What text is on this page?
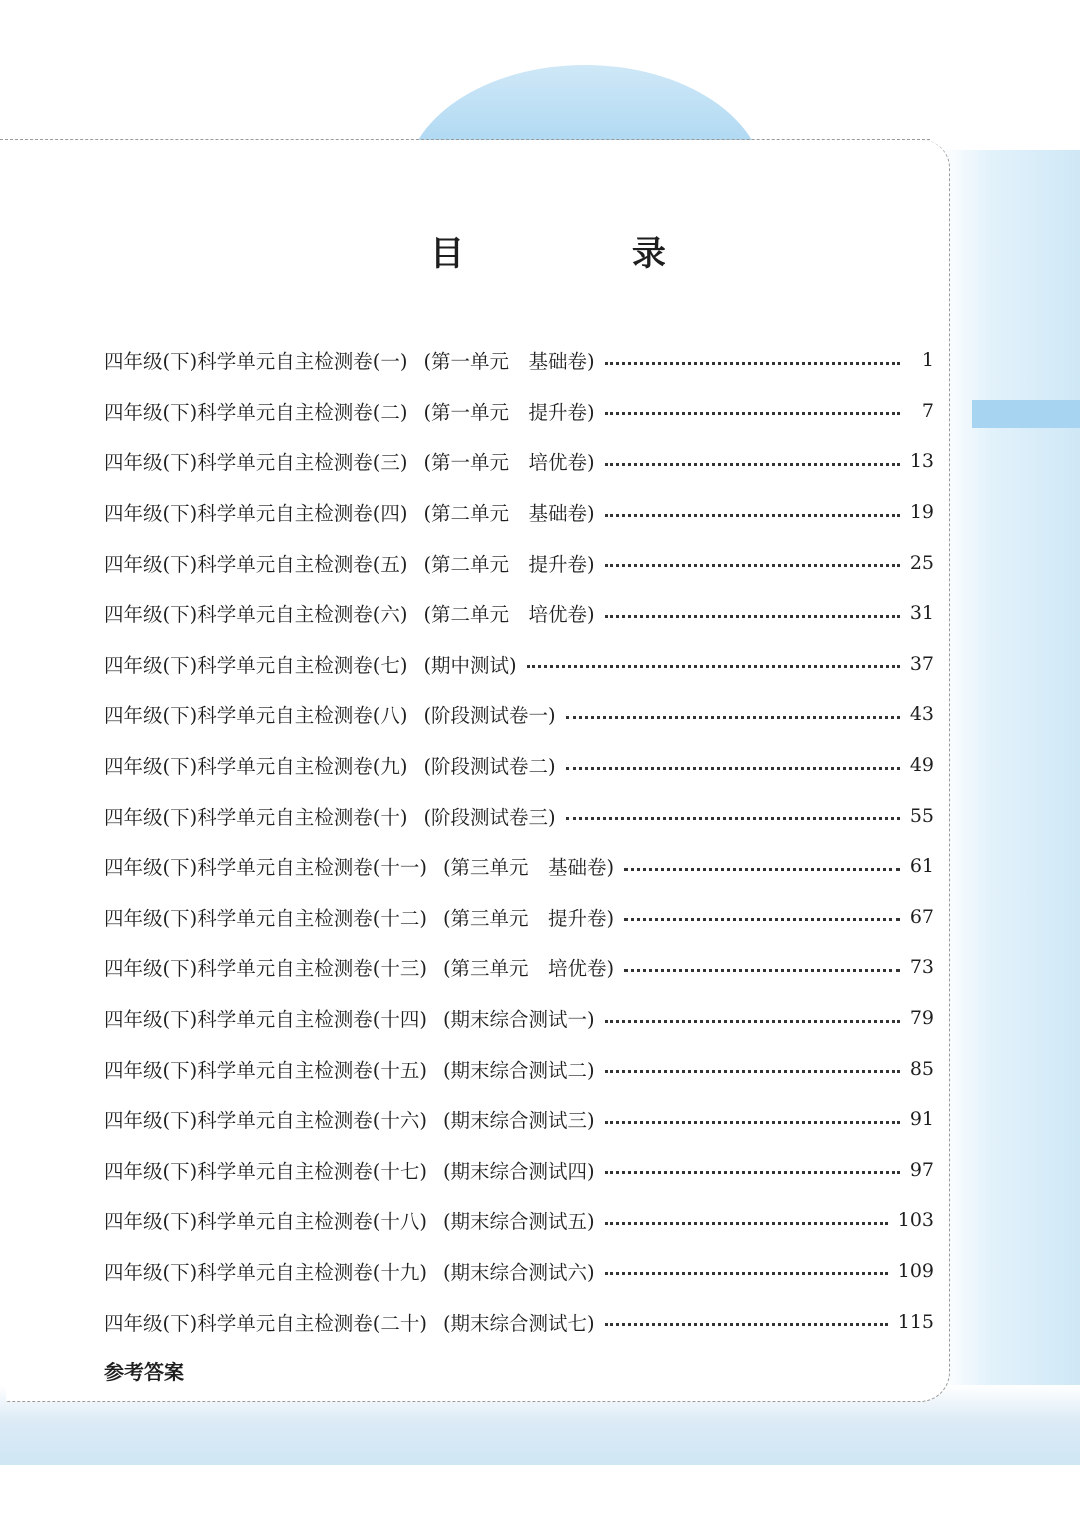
目 录
四年级(下)科学单元自主检测卷(一) (第一单元　基础卷)	1
四年级(下)科学单元自主检测卷(二) (第一单元　提升卷)	7
四年级(下)科学单元自主检测卷(三) (第一单元　培优卷)	13
四年级(下)科学单元自主检测卷(四) (第二单元　基础卷)	19
四年级(下)科学单元自主检测卷(五) (第二单元　提升卷)	25
四年级(下)科学单元自主检测卷(六) (第二单元　培优卷)	31
四年级(下)科学单元自主检测卷(七) (期中测试)	37
四年级(下)科学单元自主检测卷(八) (阶段测试卷一)	43
四年级(下)科学单元自主检测卷(九) (阶段测试卷二)	49
四年级(下)科学单元自主检测卷(十) (阶段测试卷三)	55
四年级(下)科学单元自主检测卷(十一) (第三单元　基础卷)	61
四年级(下)科学单元自主检测卷(十二) (第三单元　提升卷)	67
四年级(下)科学单元自主检测卷(十三) (第三单元　培优卷)	73
四年级(下)科学单元自主检测卷(十四) (期末综合测试一)	79
四年级(下)科学单元自主检测卷(十五) (期末综合测试二)	85
四年级(下)科学单元自主检测卷(十六) (期末综合测试三)	91
四年级(下)科学单元自主检测卷(十七) (期末综合测试四)	97
四年级(下)科学单元自主检测卷(十八) (期末综合测试五)	103
四年级(下)科学单元自主检测卷(十九) (期末综合测试六)	109
四年级(下)科学单元自主检测卷(二十) (期末综合测试七)	115

参考答案
